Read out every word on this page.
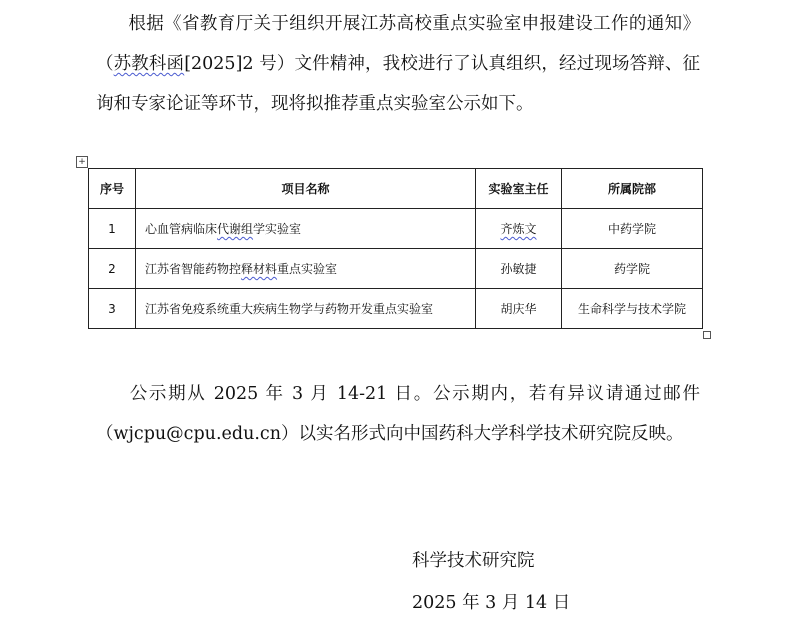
根据《省教育厅关于组织开展江苏高校重点实验室申报建设工作的通知》（苏教科函[2025]2 号）文件精神，我校进行了认真组织，经过现场答辩、征询和专家论证等环节，现将拟推荐重点实验室公示如下。

+
序号	项目名称	实验室主任	所属院部
1	心血管病临床代谢组学实验室	齐炼文	中药学院
2	江苏省智能药物控释材料重点实验室	孙敏捷	药学院
3	江苏省免疫系统重大疾病生物学与药物开发重点实验室	胡庆华	生命科学与技术学院

公示期从 2025 年 3 月 14-21 日。公示期内，若有异议请通过邮件（wjcpu@cpu.edu.cn）以实名形式向中国药科大学科学技术研究院反映。

科学技术研究院

2025 年 3 月 14 日
